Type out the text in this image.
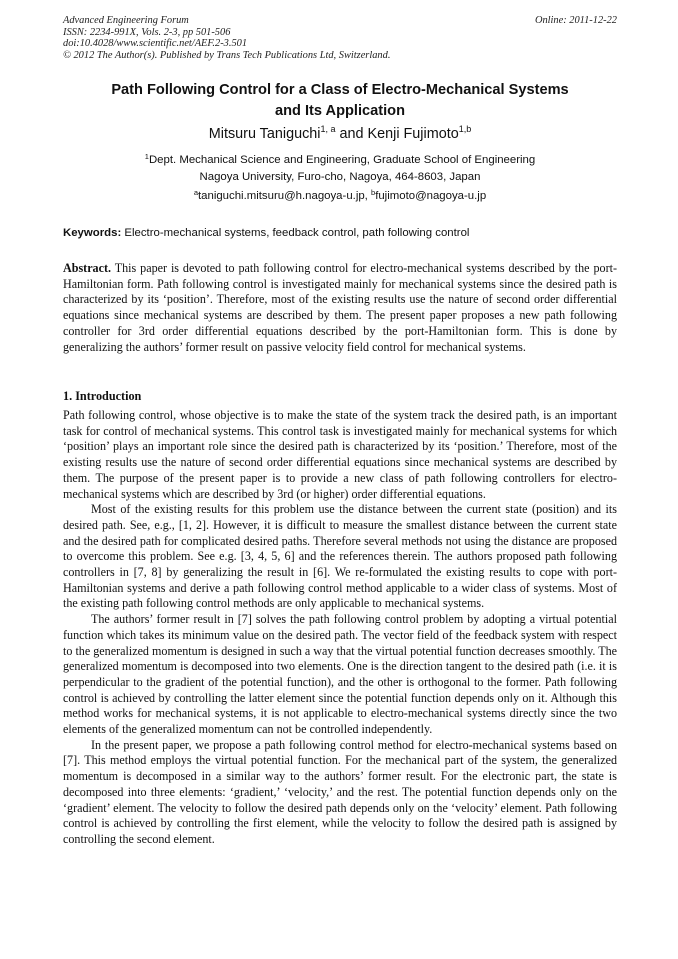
Advanced Engineering Forum
ISSN: 2234-991X, Vols. 2-3, pp 501-506
doi:10.4028/www.scientific.net/AEF.2-3.501
© 2012 The Author(s). Published by Trans Tech Publications Ltd, Switzerland.
Online: 2011-12-22
Path Following Control for a Class of Electro-Mechanical Systems
and Its Application
Mitsuru Taniguchi$^{1, a}$ and Kenji Fujimoto$^{1,b}$
$^1$Dept. Mechanical Science and Engineering, Graduate School of Engineering
Nagoya University, Furo-cho, Nagoya, 464-8603, Japan
$^a$taniguchi.mitsuru@h.nagoya-u.jp, $^b$fujimoto@nagoya-u.jp
Keywords: Electro-mechanical systems, feedback control, path following control
Abstract. This paper is devoted to path following control for electro-mechanical systems described by the port-Hamiltonian form. Path following control is investigated mainly for mechanical systems since the desired path is characterized by its ‘position’. Therefore, most of the existing results use the nature of second order differential equations since mechanical systems are described by them. The present paper proposes a new path following controller for 3rd order differential equations described by the port-Hamiltonian form. This is done by generalizing the authors’ former result on passive velocity field control for mechanical systems.
1. Introduction

Path following control, whose objective is to make the state of the system track the desired path, is an important task for control of mechanical systems. This control task is investigated mainly for mechanical systems for which ‘position’ plays an important role since the desired path is characterized by its ‘position.’ Therefore, most of the existing results use the nature of second order differential equations since mechanical systems are described by them. The purpose of the present paper is to provide a new class of path following controllers for electro-mechanical systems which are described by 3rd (or higher) order differential equations.

Most of the existing results for this problem use the distance between the current state (position) and its desired path. See, e.g., [1, 2]. However, it is difficult to measure the smallest distance between the current state and the desired path for complicated desired paths. Therefore several methods not using the distance are proposed to overcome this problem. See e.g. [3, 4, 5, 6] and the references therein. The authors proposed path following controllers in [7, 8] by generalizing the result in [6]. We re-formulated the existing results to cope with port-Hamiltonian systems and derive a path following control method applicable to a wider class of systems. Most of the existing path following control methods are only applicable to mechanical systems.

The authors’ former result in [7] solves the path following control problem by adopting a virtual potential function which takes its minimum value on the desired path. The vector field of the feedback system with respect to the generalized momentum is designed in such a way that the virtual potential function decreases smoothly. The generalized momentum is decomposed into two elements. One is the direction tangent to the desired path (i.e. it is perpendicular to the gradient of the potential function), and the other is orthogonal to the former. Path following control is achieved by controlling the latter element since the potential function depends only on it. Although this method works for mechanical systems, it is not applicable to electro-mechanical systems directly since the two elements of the generalized momentum can not be controlled independently.

In the present paper, we propose a path following control method for electro-mechanical systems based on [7]. This method employs the virtual potential function. For the mechanical part of the system, the generalized momentum is decomposed in a similar way to the authors’ former result. For the electronic part, the state is decomposed into three elements: ‘gradient,’ ‘velocity,’ and the rest. The potential function depends only on the ‘gradient’ element. The velocity to follow the desired path depends only on the ‘velocity’ element. Path following control is achieved by controlling the first element, while the velocity to follow the desired path is assigned by controlling the second element.
